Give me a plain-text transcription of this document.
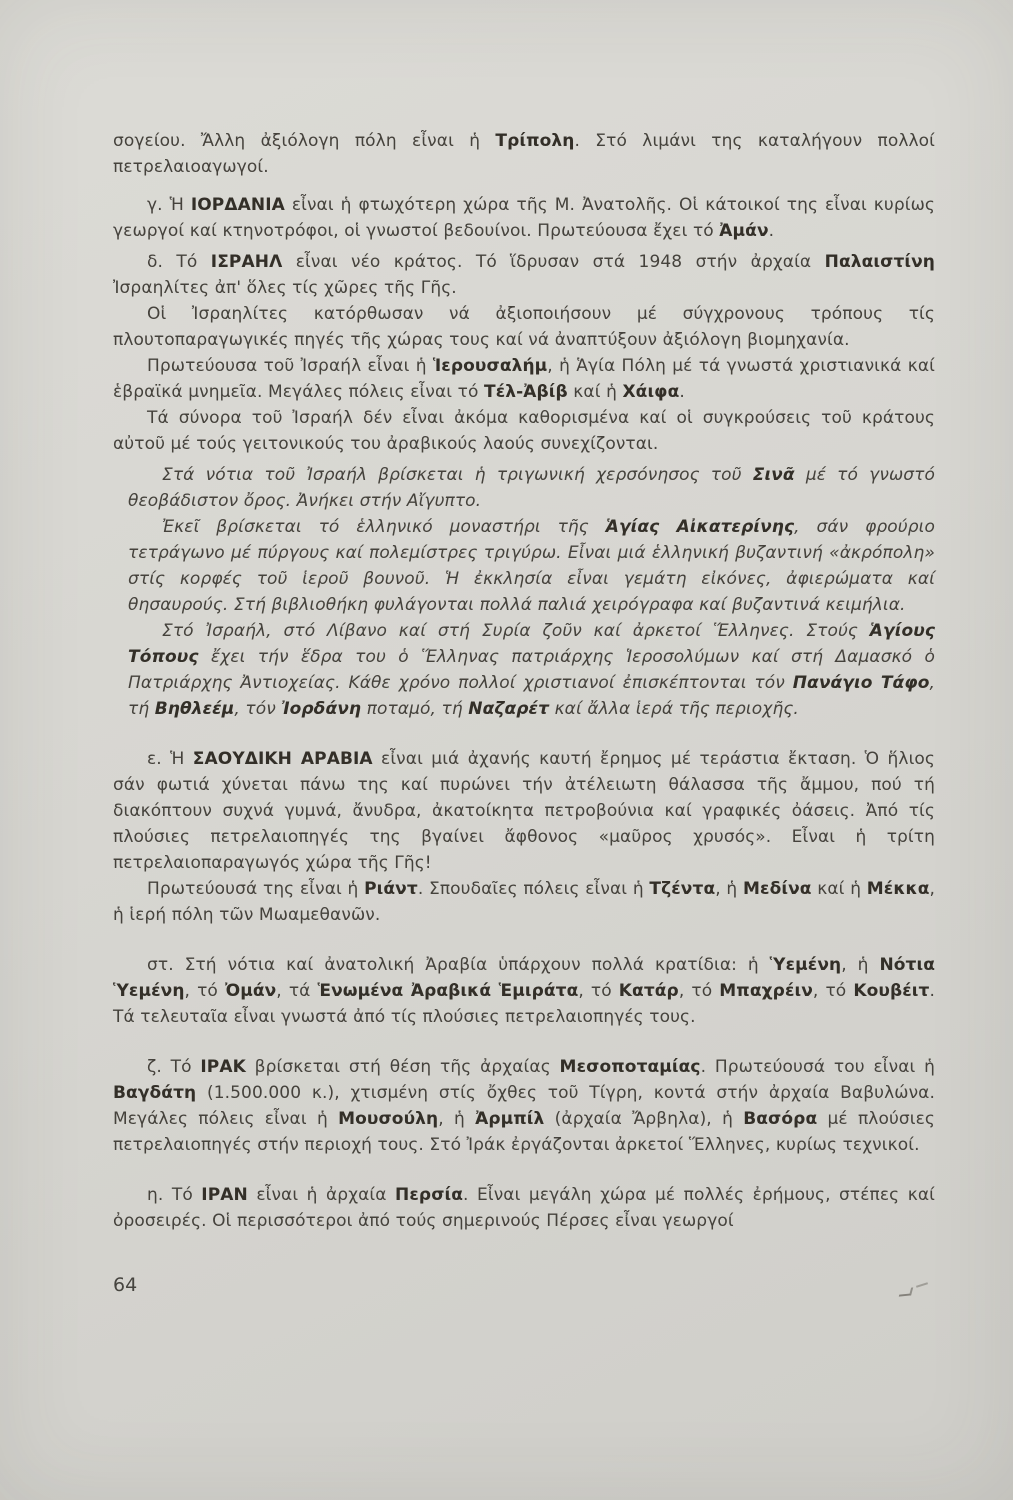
σογείου. Ἄλλη ἀξιόλογη πόλη εἶναι ἡ Τρίπολη. Στό λιμάνι της καταλήγουν πολλοί πετρελαιοαγωγοί.

γ. Ἡ ΙΟΡΔΑΝΙΑ εἶναι ἡ φτωχότερη χώρα τῆς Μ. Ἀνατολῆς. Οἱ κάτοικοί της εἶναι κυρίως γεωργοί καί κτηνοτρόφοι, οἱ γνωστοί βεδουίνοι. Πρωτεύουσα ἔχει τό Ἀμάν.

δ. Τό ΙΣΡΑΗΛ εἶναι νέο κράτος. Τό ἵδρυσαν στά 1948 στήν ἀρχαία Παλαιστίνη Ἰσραηλίτες ἀπ' ὅλες τίς χῶρες τῆς Γῆς.

Οἱ Ἰσραηλίτες κατόρθωσαν νά ἀξιοποιήσουν μέ σύγχρονους τρόπους τίς πλουτοπαραγωγικές πηγές τῆς χώρας τους καί νά ἀναπτύξουν ἀξιόλογη βιομηχανία.

Πρωτεύουσα τοῦ Ἰσραήλ εἶναι ἡ Ἱερουσαλήμ, ἡ Ἁγία Πόλη μέ τά γνωστά χριστιανικά καί ἑβραϊκά μνημεῖα. Μεγάλες πόλεις εἶναι τό Τέλ-Ἀβίβ καί ἡ Χάιφα.

Τά σύνορα τοῦ Ἰσραήλ δέν εἶναι ἀκόμα καθορισμένα καί οἱ συγκρούσεις τοῦ κράτους αὐτοῦ μέ τούς γειτονικούς του ἀραβικούς λαούς συνεχίζονται.

Στά νότια τοῦ Ἰσραήλ βρίσκεται ἡ τριγωνική χερσόνησος τοῦ Σινᾶ μέ τό γνωστό θεοβάδιστον ὄρος. Ἀνήκει στήν Αἴγυπτο.

Ἐκεῖ βρίσκεται τό ἑλληνικό μοναστήρι τῆς Ἁγίας Αἰκατερίνης, σάν φρούριο τετράγωνο μέ πύργους καί πολεμίστρες τριγύρω. Εἶναι μιά ἑλληνική βυζαντινή «ἀκρόπολη» στίς κορφές τοῦ ἱεροῦ βουνοῦ. Ἡ ἐκκλησία εἶναι γεμάτη εἰκόνες, ἀφιερώματα καί θησαυρούς. Στή βιβλιοθήκη φυλάγονται πολλά παλιά χειρόγραφα καί βυζαντινά κειμήλια.

Στό Ἰσραήλ, στό Λίβανο καί στή Συρία ζοῦν καί ἀρκετοί Ἕλληνες. Στούς Ἁγίους Τόπους ἔχει τήν ἕδρα του ὁ Ἕλληνας πατριάρχης Ἱεροσολύμων καί στή Δαμασκό ὁ Πατριάρχης Ἀντιοχείας. Κάθε χρόνο πολλοί χριστιανοί ἐπισκέπτονται τόν Πανάγιο Τάφο, τή Βηθλεέμ, τόν Ἰορδάνη ποταμό, τή Ναζαρέτ καί ἄλλα ἱερά τῆς περιοχῆς.

ε. Ἡ ΣΑΟΥΔΙΚΗ ΑΡΑΒΙΑ εἶναι μιά ἀχανής καυτή ἔρημος μέ τεράστια ἔκταση. Ὁ ἥλιος σάν φωτιά χύνεται πάνω της καί πυρώνει τήν ἀτέλειωτη θάλασσα τῆς ἄμμου, πού τή διακόπτουν συχνά γυμνά, ἄνυδρα, ἀκατοίκητα πετροβούνια καί γραφικές ὀάσεις. Ἀπό τίς πλούσιες πετρελαιοπηγές της βγαίνει ἄφθονος «μαῦρος χρυσός». Εἶναι ἡ τρίτη πετρελαιοπαραγωγός χώρα τῆς Γῆς!

Πρωτεύουσά της εἶναι ἡ Ριάντ. Σπουδαῖες πόλεις εἶναι ἡ Τζέντα, ἡ Μεδίνα καί ἡ Μέκκα, ἡ ἱερή πόλη τῶν Μωαμεθανῶν.

στ. Στή νότια καί ἀνατολική Ἀραβία ὑπάρχουν πολλά κρατίδια: ἡ Ὑεμένη, ἡ Νότια Ὑεμένη, τό Ὀμάν, τά Ἑνωμένα Ἀραβικά Ἑμιράτα, τό Κατάρ, τό Μπαχρέιν, τό Κουβέιτ. Τά τελευταῖα εἶναι γνωστά ἀπό τίς πλούσιες πετρελαιοπηγές τους.

ζ. Τό ΙΡΑΚ βρίσκεται στή θέση τῆς ἀρχαίας Μεσοποταμίας. Πρωτεύουσά του εἶναι ἡ Βαγδάτη (1.500.000 κ.), χτισμένη στίς ὄχθες τοῦ Τίγρη, κοντά στήν ἀρχαία Βαβυλώνα. Μεγάλες πόλεις εἶναι ἡ Μουσούλη, ἡ Ἀρμπίλ (ἀρχαία Ἄρβηλα), ἡ Βασόρα μέ πλούσιες πετρελαιοπηγές στήν περιοχή τους. Στό Ἰράκ ἐργάζονται ἀρκετοί Ἕλληνες, κυρίως τεχνικοί.

η. Τό ΙΡΑΝ εἶναι ἡ ἀρχαία Περσία. Εἶναι μεγάλη χώρα μέ πολλές ἐρήμους, στέπες καί ὀροσειρές. Οἱ περισσότεροι ἀπό τούς σημερινούς Πέρσες εἶναι γεωργοί

64
